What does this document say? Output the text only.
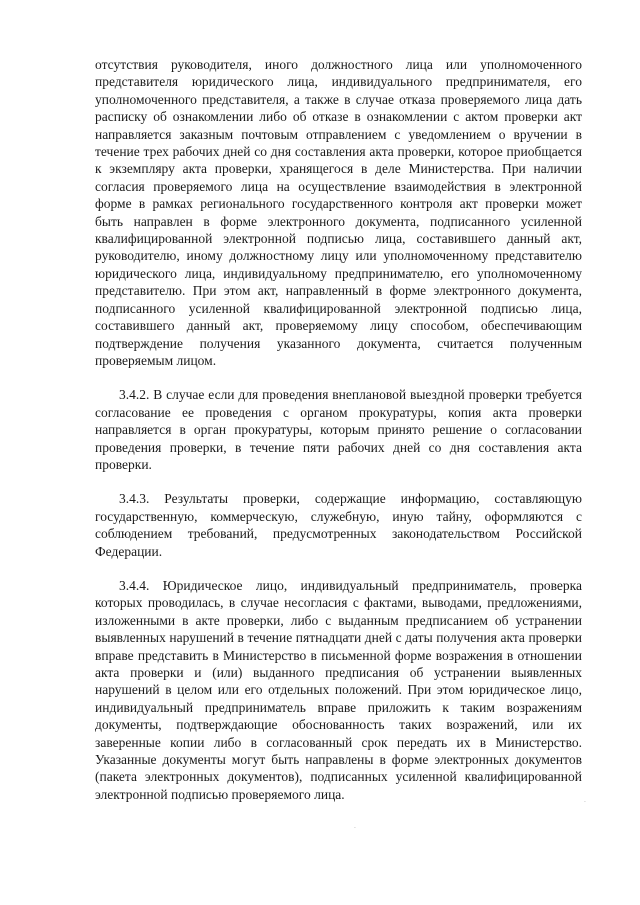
отсутствия руководителя, иного должностного лица или уполномоченного представителя юридического лица, индивидуального предпринимателя, его уполномоченного представителя, а также в случае отказа проверяемого лица дать расписку об ознакомлении либо об отказе в ознакомлении с актом проверки акт направляется заказным почтовым отправлением с уведомлением о вручении в течение трех рабочих дней со дня составления акта проверки, которое приобщается к экземпляру акта проверки, хранящегося в деле Министерства. При наличии согласия проверяемого лица на осуществление взаимодействия в электронной форме в рамках регионального государственного контроля акт проверки может быть направлен в форме электронного документа, подписанного усиленной квалифицированной электронной подписью лица, составившего данный акт, руководителю, иному должностному лицу или уполномоченному представителю юридического лица, индивидуальному предпринимателю, его уполномоченному представителю. При этом акт, направленный в форме электронного документа, подписанного усиленной квалифицированной электронной подписью лица, составившего данный акт, проверяемому лицу способом, обеспечивающим подтверждение получения указанного документа, считается полученным проверяемым лицом.

3.4.2. В случае если для проведения внеплановой выездной проверки требуется согласование ее проведения с органом прокуратуры, копия акта проверки направляется в орган прокуратуры, которым принято решение о согласовании проведения проверки, в течение пяти рабочих дней со дня составления акта проверки.

3.4.3. Результаты проверки, содержащие информацию, составляющую государственную, коммерческую, служебную, иную тайну, оформляются с соблюдением требований, предусмотренных законодательством Российской Федерации.

3.4.4. Юридическое лицо, индивидуальный предприниматель, проверка которых проводилась, в случае несогласия с фактами, выводами, предложениями, изложенными в акте проверки, либо с выданным предписанием об устранении выявленных нарушений в течение пятнадцати дней с даты получения акта проверки вправе представить в Министерство в письменной форме возражения в отношении акта проверки и (или) выданного предписания об устранении выявленных нарушений в целом или его отдельных положений. При этом юридическое лицо, индивидуальный предприниматель вправе приложить к таким возражениям документы, подтверждающие обоснованность таких возражений, или их заверенные копии либо в согласованный срок передать их в Министерство. Указанные документы могут быть направлены в форме электронных документов (пакета электронных документов), подписанных усиленной квалифицированной электронной подписью проверяемого лица.

·
·
